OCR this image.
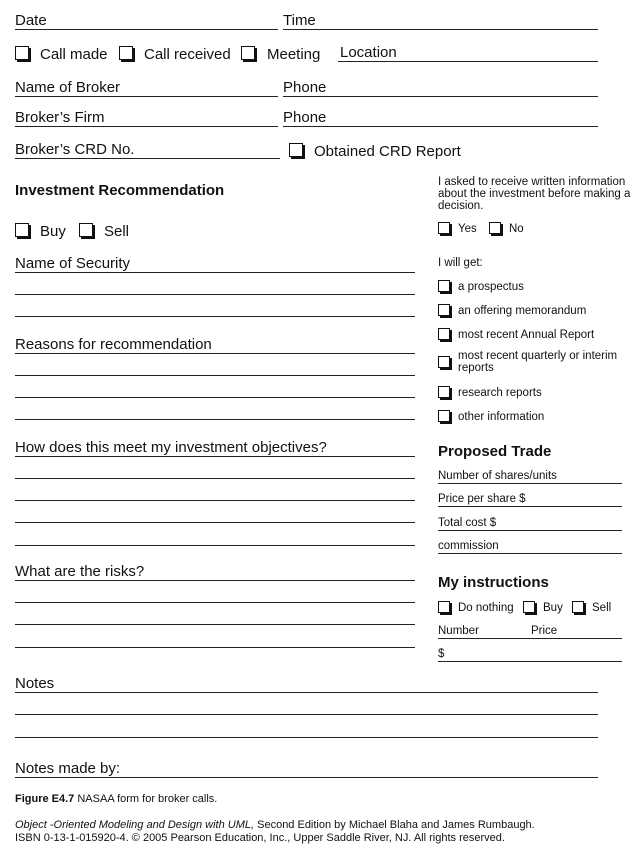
Date	Time
Call made Call received Meeting Location
Name of Broker	Phone
Broker’s Firm	Phone
Broker’s CRD No.	Obtained CRD Report
Investment Recommendation
Buy	Sell
Name of Security
Reasons for recommendation
How does this meet my investment objectives?
What are the risks?
I asked to receive written information about the investment before making a decision.
Yes	No
I will get:
a prospectus
an offering memorandum
most recent Annual Report
most recent quarterly or interim reports
research reports
other information
Proposed Trade
Number of shares/units
Price per share $
Total cost $
commission
My instructions
Do nothing	Buy	Sell
Number	Price
$
Notes
Notes made by:
Figure E4.7 NASAA form for broker calls.
Object -Oriented Modeling and Design with UML, Second Edition by Michael Blaha and James Rumbaugh.
ISBN 0-13-1-015920-4. © 2005 Pearson Education, Inc., Upper Saddle River, NJ. All rights reserved.
